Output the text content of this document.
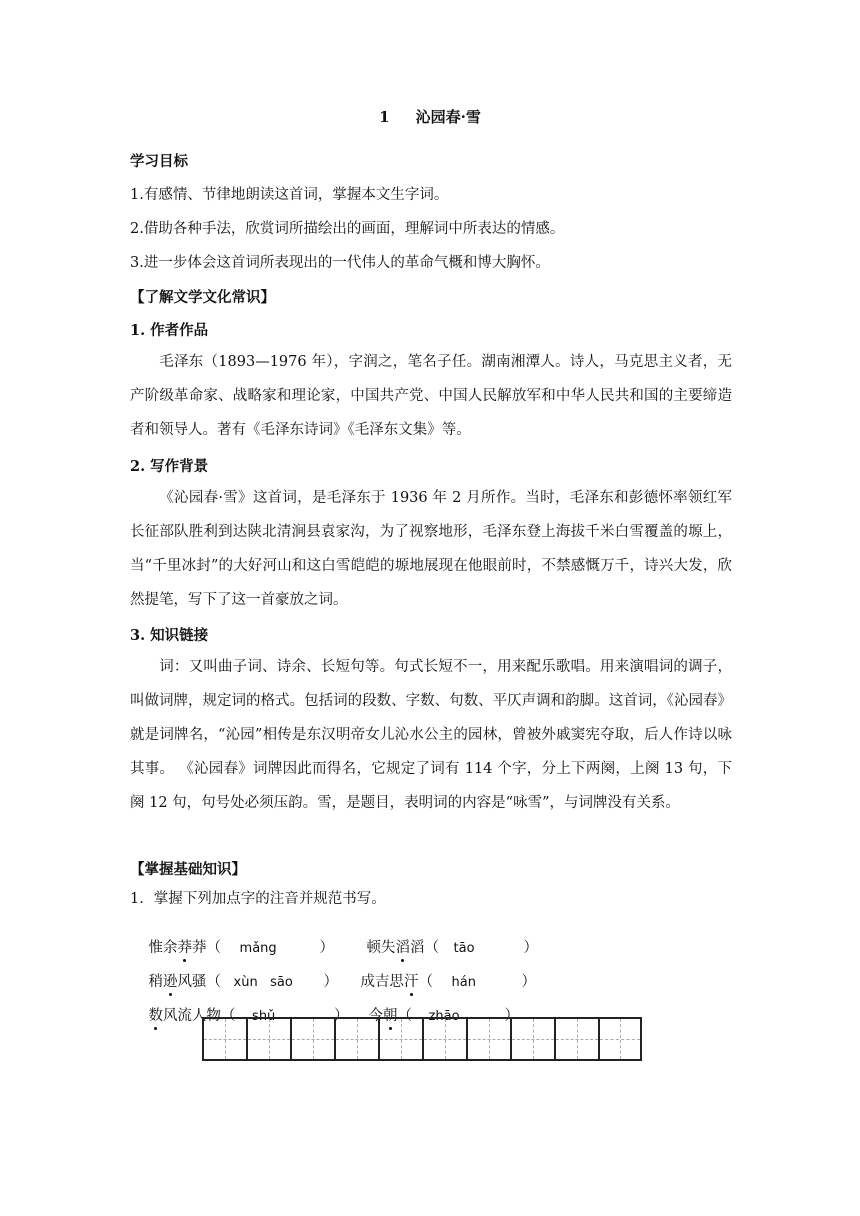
1 沁园春·雪
学习目标
1.有感情、节律地朗读这首词，掌握本文生字词。
2.借助各种手法，欣赏词所描绘出的画面，理解词中所表达的情感。
3.进一步体会这首词所表现出的一代伟人的革命气概和博大胸怀。
【了解文学文化常识】
1. 作者作品
毛泽东（1893—1976 年），字润之，笔名子任。湖南湘潭人。诗人，马克思主义者，无产阶级革命家、战略家和理论家，中国共产党、中国人民解放军和中华人民共和国的主要缔造者和领导人。著有《毛泽东诗词》《毛泽东文集》等。
2. 写作背景
《沁园春·雪》这首词，是毛泽东于 1936 年 2 月所作。当时，毛泽东和彭德怀率领红军长征部队胜利到达陕北清涧县袁家沟，为了视察地形，毛泽东登上海拔千米白雪覆盖的塬上，当“千里冰封”的大好河山和这白雪皑皑的塬地展现在他眼前时，不禁感慨万千，诗兴大发，欣然提笔，写下了这一首豪放之词。
3. 知识链接
词：又叫曲子词、诗余、长短句等。句式长短不一，用来配乐歌唱。用来演唱词的调子，叫做词牌，规定词的格式。包括词的段数、字数、句数、平仄声调和韵脚。这首词，《沁园春》 就是词牌名，“沁园”相传是东汉明帝女儿沁水公主的园林，曾被外戚窦宪夺取，后人作诗以咏其事。 《沁园春》词牌因此而得名，它规定了词有 114 个字，分上下两阕，上阕 13 句，下阕 12 句，句号处必须压韵。雪，是题目，表明词的内容是“咏雪”，与词牌没有关系。
【掌握基础知识】
1．掌握下列加点字的注音并规范书写。

惟余莽莽（ mǎng	） 顿失滔滔（ tāo	）

稍逊风骚（ xùn   sāo ） 成吉思汗（ hán	）

数风流人物（ shǔ	） 今朝（ zhāo	）
